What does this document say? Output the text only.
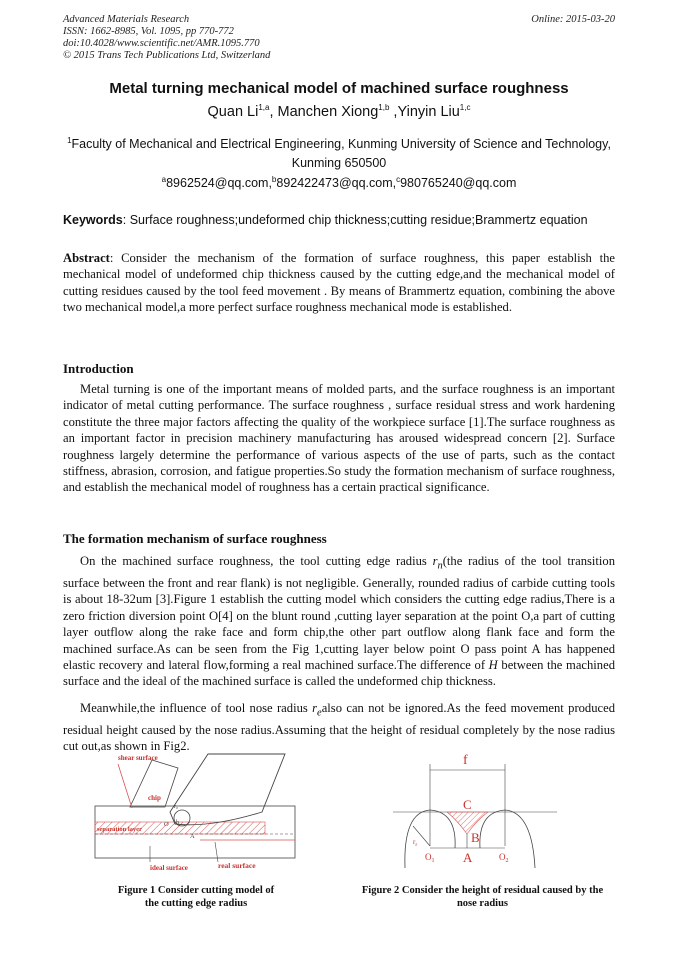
Advanced Materials Research
ISSN: 1662-8985, Vol. 1095, pp 770-772
doi:10.4028/www.scientific.net/AMR.1095.770
© 2015 Trans Tech Publications Ltd, Switzerland
Online: 2015-03-20
Metal turning mechanical model of machined surface roughness
Quan Li$^{1,a}$, Manchen Xiong$^{1,b}$ ,Yinyin Liu$^{1,c}$
$^1$Faculty of Mechanical and Electrical Engineering, Kunming University of Science and Technology, Kunming 650500
$^a$8962524@qq.com,$^b$892422473@qq.com,$^c$980765240@qq.com
Keywords: Surface roughness;undeformed chip thickness;cutting residue;Brammertz equation
Abstract: Consider the mechanism of the formation of surface roughness, this paper establish the mechanical model of undeformed chip thickness caused by the cutting edge,and the mechanical model of cutting residues caused by the tool feed movement . By means of Brammertz equation, combining the above two mechanical model,a more perfect surface roughness mechanical mode is established.
Introduction
Metal turning is one of the important means of molded parts, and the surface roughness is an important indicator of metal cutting performance. The surface roughness , surface residual stress and work hardening constitute the three major factors affecting the quality of the workpiece surface [1].The surface roughness as an important factor in precision machinery manufacturing has aroused widespread concern [2]. Surface roughness largely determine the performance of various aspects of the use of parts, such as the contact stiffness, abrasion, corrosion, and fatigue properties.So study the formation mechanism of surface roughness, and establish the mechanical model of roughness has a certain practical significance.
The formation mechanism of surface roughness
On the machined surface roughness, the tool cutting edge radius $r_n(the$ radius of the tool transition surface between the front and rear flank) is not negligible. Generally, rounded radius of carbide cutting tools is about 18-32um [3].Figure 1 establish the cutting model which considers the cutting edge radius,There is a zero friction diversion point O[4] on the blunt round ,cutting layer separation at the point O,a part of cutting layer outflow along the rake face and form chip,the other part outflow along flank face and form the machined surface.As can be seen from the Fig 1,cutting layer below point O pass point A has happened elastic recovery and lateral flow,forming a real machined surface.The difference of H between the machined surface and the ideal of the machined surface is called the undeformed chip thickness.
Meanwhile,the influence of tool nose radius $r_ealso$ can not be ignored.As the feed movement produced residual height caused by the nose radius.Assuming that the height of residual completely by the nose radius cut out,as shown in Fig2.
shear surface
chip
r₀
separation layer
O b
A
ideal surface	real surface
Figure 1 Consider cutting model of
the cutting edge radius
f
C
B
A
$r_\varepsilon$
$O_1$	$O_2$
Figure 2 Consider the height of residual caused by the
nose radius
